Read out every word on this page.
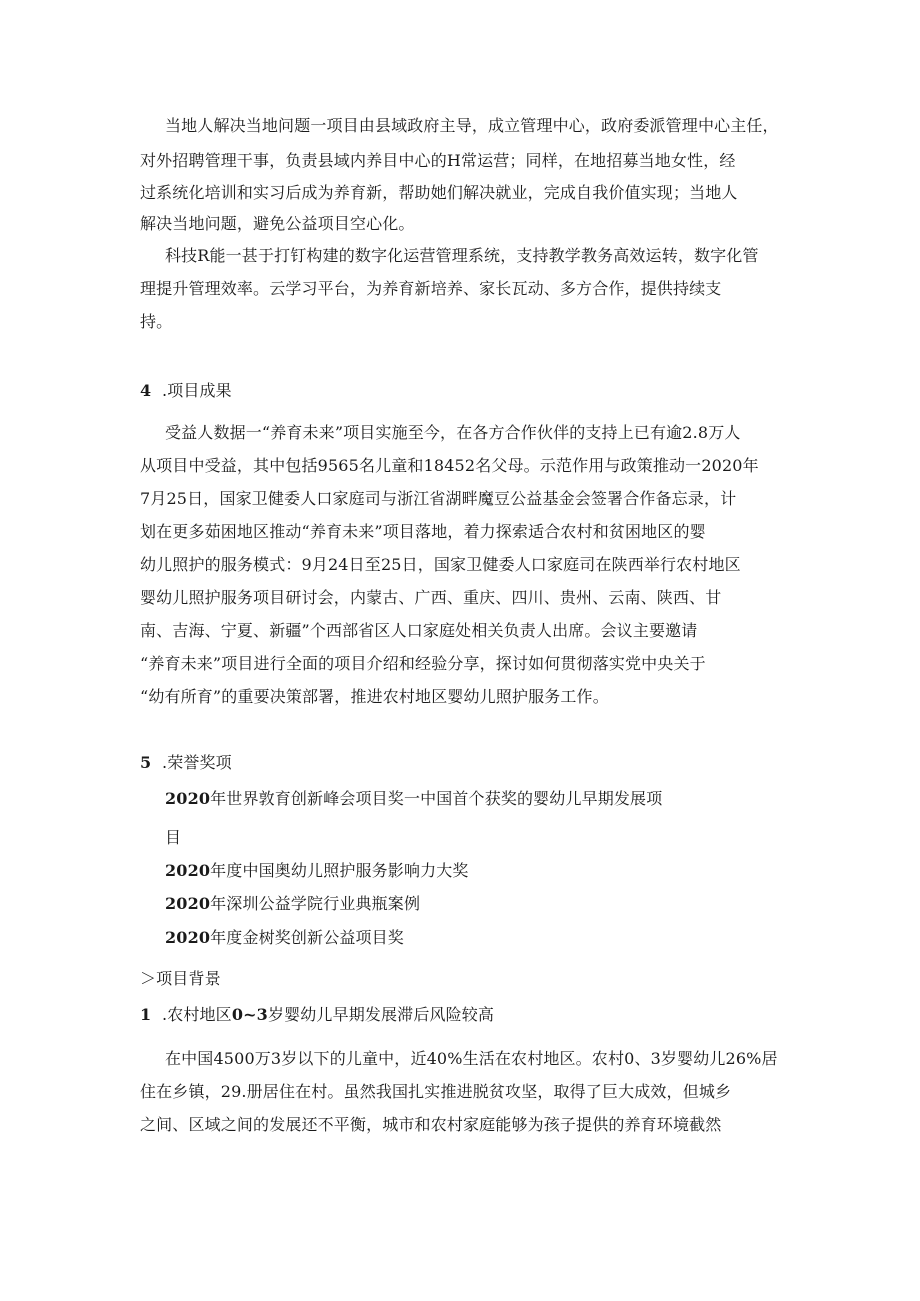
当地人解决当地问题一项目由县域政府主导，成立管理中心，政府委派管理中心主任，
对外招聘管理干事，负责县域内养目中心的H常运营；同样，在地招募当地女性，经
过系统化培训和实习后成为养育新，帮助她们解决就业，完成自我价值实现；当地人
解决当地问题，避免公益项目空心化。
科技R能一甚于打钉构建的数字化运营管理系统，支持教学教务高效运转，数字化管
理提升管理效率。云学习平台，为养育新培养、家长瓦动、多方合作，提供持续支
持。
4 .项目成果
受益人数据一“养育未来”项目实施至今，在各方合作伙伴的支持上已有逾2.8万人
从项目中受益，其中包括9565名儿童和18452名父母。示范作用与政策推动一2020年
7月25日，国家卫健委人口家庭司与浙江省湖畔魔豆公益基金会签署合作备忘录，计
划在更多茹困地区推动“养育未来”项目落地，着力探索适合农村和贫困地区的婴
幼儿照护的服务模式：9月24日至25日，国家卫健委人口家庭司在陕西举行农村地区
婴幼儿照护服务项目研讨会，内蒙古、广西、重庆、四川、贵州、云南、陕西、甘
南、吉海、宁夏、新疆”个西部省区人口家庭处相关负责人出席。会议主要邀请
“养育未来”项目进行全面的项目介绍和经验分享，探讨如何贯彻落实党中央关于
“幼有所育”的重要决策部署，推进农村地区婴幼儿照护服务工作。
5 .荣誉奖项
2020年世界敦育创新峰会项目奖一中国首个获奖的婴幼儿早期发展项
目
2020年度中国奥幼儿照护服务影响力大奖
2020年深圳公益学院行业典瓶案例
2020年度金树奖创新公益项目奖
＞项目背景
1 .农村地区0~3岁婴幼儿早期发展滞后风险较高
在中国4500万3岁以下的儿童中，近40%生活在农村地区。农村0、3岁婴幼儿26%居
住在乡镇，29.册居住在村。虽然我国扎实推进脱贫攻坚，取得了巨大成效，但城乡
之间、区域之间的发展还不平衡，城市和农村家庭能够为孩子提供的养育环境截然
